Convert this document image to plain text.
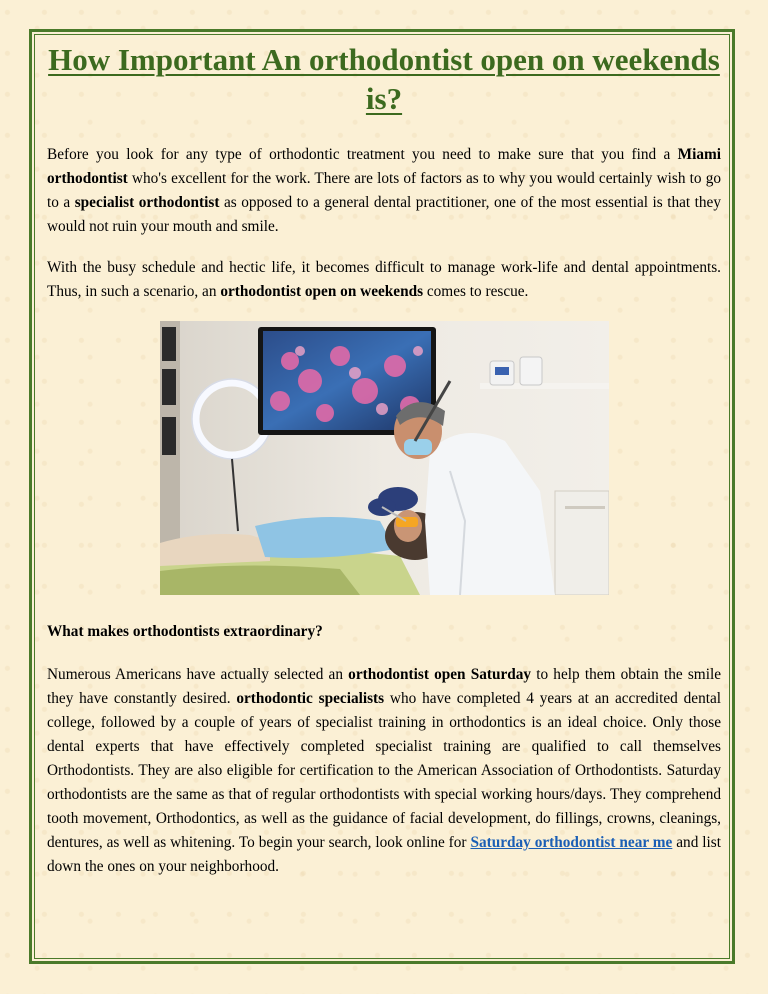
How Important An orthodontist open on weekends is?

Before you look for any type of orthodontic treatment you need to make sure that you find a Miami orthodontist who's excellent for the work. There are lots of factors as to why you would certainly wish to go to a specialist orthodontist as opposed to a general dental practitioner, one of the most essential is that they would not ruin your mouth and smile.

With the busy schedule and hectic life, it becomes difficult to manage work-life and dental appointments. Thus, in such a scenario, an orthodontist open on weekends comes to rescue.

What makes orthodontists extraordinary?

Numerous Americans have actually selected an orthodontist open Saturday to help them obtain the smile they have constantly desired. orthodontic specialists who have completed 4 years at an accredited dental college, followed by a couple of years of specialist training in orthodontics is an ideal choice. Only those dental experts that have effectively completed specialist training are qualified to call themselves Orthodontists. They are also eligible for certification to the American Association of Orthodontists. Saturday orthodontists are the same as that of regular orthodontists with special working hours/days. They comprehend tooth movement, Orthodontics, as well as the guidance of facial development, do fillings, crowns, cleanings, dentures, as well as whitening. To begin your search, look online for Saturday orthodontist near me and list down the ones on your neighborhood.
